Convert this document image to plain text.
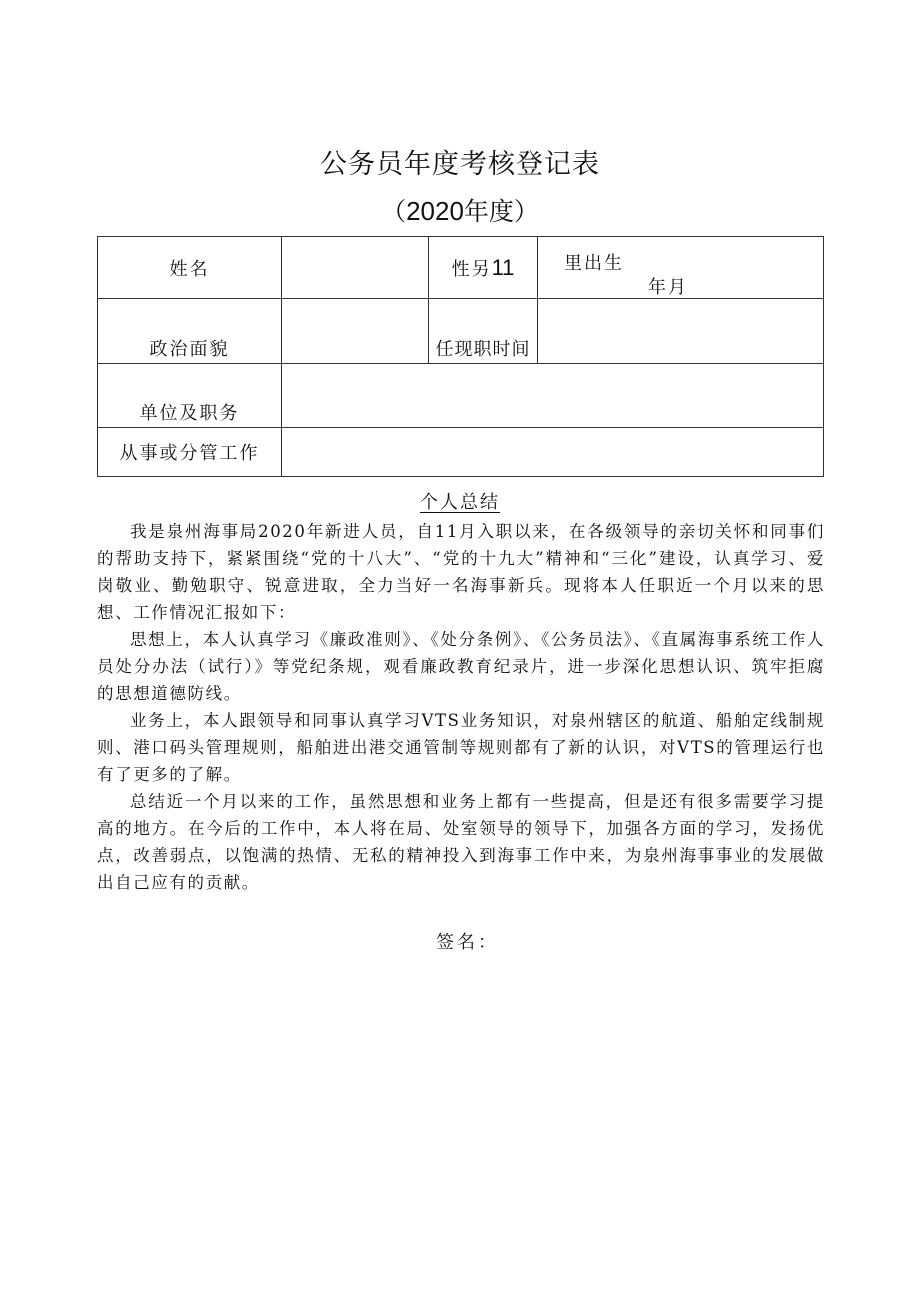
公务员年度考核登记表
（2020年度）
姓名		性另11	里出生
年月

政治面貌		任现职时间	
单位及职务			
从事或分管工作			
个人总结

我是泉州海事局2020年新进人员，自11月入职以来，在各级领导的亲切关怀和同事们的帮助支持下，紧紧围绕“党的十八大”、“党的十九大”精神和“三化”建设，认真学习、爱岗敬业、勤勉职守、锐意进取，全力当好一名海事新兵。现将本人任职近一个月以来的思想、工作情况汇报如下：

思想上，本人认真学习《廉政准则》、《处分条例》、《公务员法》、《直属海事系统工作人员处分办法（试行）》等党纪条规，观看廉政教育纪录片，进一步深化思想认识、筑牢拒腐的思想道德防线。

业务上，本人跟领导和同事认真学习VTS业务知识，对泉州辖区的航道、船舶定线制规则、港口码头管理规则，船舶进出港交通管制等规则都有了新的认识，对VTS的管理运行也有了更多的了解。

总结近一个月以来的工作，虽然思想和业务上都有一些提高，但是还有很多需要学习提高的地方。在今后的工作中，本人将在局、处室领导的领导下，加强各方面的学习，发扬优点，改善弱点，以饱满的热情、无私的精神投入到海事工作中来，为泉州海事事业的发展做出自己应有的贡献。

签名：
